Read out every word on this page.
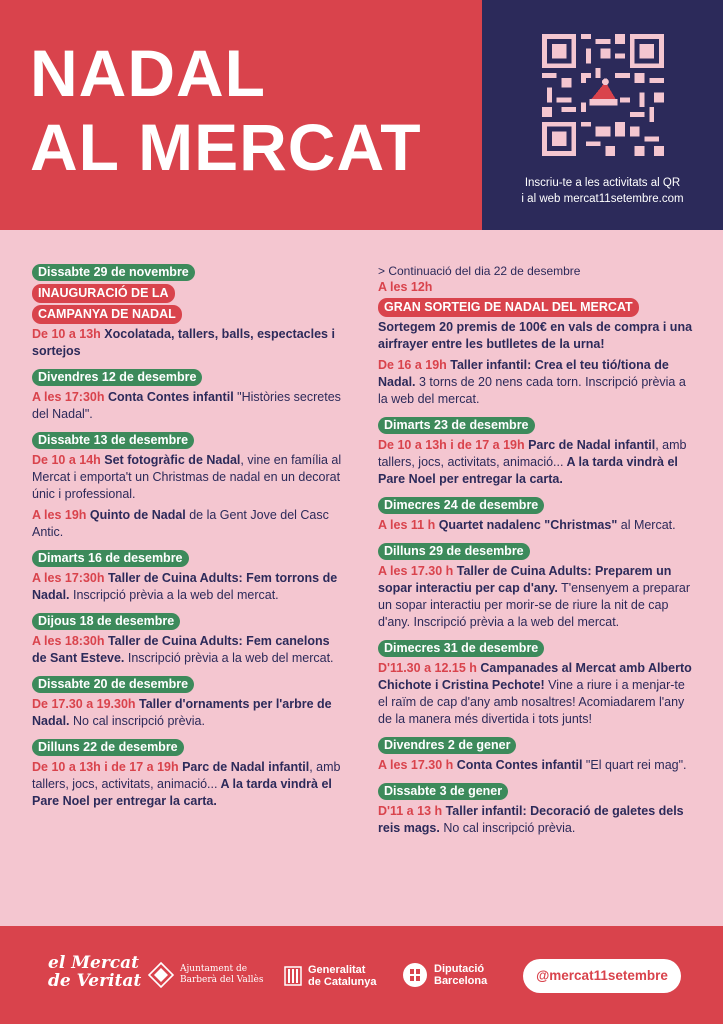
NADAL
AL MERCAT	Inscriu-te a les activitats al QR
i al web mercat11setembre.com
Dissabte 29 de novembre
INAUGURACIÓ DE LA
CAMPANYA DE NADAL

De 10 a 13h Xocolatada, tallers, balls, espectacles i sortejos

Divendres 12 de desembre

A les 17:30h Conta Contes infantil "Històries secretes del Nadal".

Dissabte 13 de desembre

De 10 a 14h Set fotogràfic de Nadal, vine en família al Mercat i emporta't un Christmas de nadal en un decorat únic i professional.

A les 19h Quinto de Nadal de la Gent Jove del Casc Antic.

Dimarts 16 de desembre

A les 17:30h Taller de Cuina Adults: Fem torrons de Nadal. Inscripció prèvia a la web del mercat.

Dijous 18 de desembre

A les 18:30h Taller de Cuina Adults: Fem canelons de Sant Esteve. Inscripció prèvia a la web del mercat.

Dissabte 20 de desembre

De 17.30 a 19.30h Taller d'ornaments per l'arbre de Nadal. No cal inscripció prèvia.

Dilluns 22 de desembre

De 10 a 13h i de 17 a 19h Parc de Nadal infantil, amb tallers, jocs, activitats, animació... A la tarda vindrà el Pare Noel per entregar la carta.

> Continuació del dia 22 de desembre

A les 12h

GRAN SORTEIG DE NADAL DEL MERCAT

Sortegem 20 premis de 100€ en vals de compra i una airfrayer entre les butlletes de la urna!

De 16 a 19h Taller infantil: Crea el teu tió/tiona de Nadal. 3 torns de 20 nens cada torn. Inscripció prèvia a la web del mercat.

Dimarts 23 de desembre

De 10 a 13h i de 17 a 19h Parc de Nadal infantil, amb tallers, jocs, activitats, animació... A la tarda vindrà el Pare Noel per entregar la carta.

Dimecres 24 de desembre

A les 11 h Quartet nadalenc "Christmas" al Mercat.

Dilluns 29 de desembre

A les 17.30 h Taller de Cuina Adults: Preparem un sopar interactiu per cap d'any. T'ensenyem a preparar un sopar interactiu per morir-se de riure la nit de cap d'any. Inscripció prèvia a la web del mercat.

Dimecres 31 de desembre

D'11.30 a 12.15 h Campanades al Mercat amb Alberto Chichote i Cristina Pechote! Vine a riure i a menjar-te el raïm de cap d'any amb nosaltres! Acomiadarem l'any de la manera més divertida i tots junts!

Divendres 2 de gener

A les 17.30 h Conta Contes infantil "El quart rei mag".

Dissabte 3 de gener

D'11 a 13 h Taller infantil: Decoració de galetes dels reis mags. No cal inscripció prèvia.

el Mercat
de Veritat
Ajuntament de
Barberà del Vallès
Generalitat
de Catalunya
Diputació
Barcelona	@mercat11setembre
